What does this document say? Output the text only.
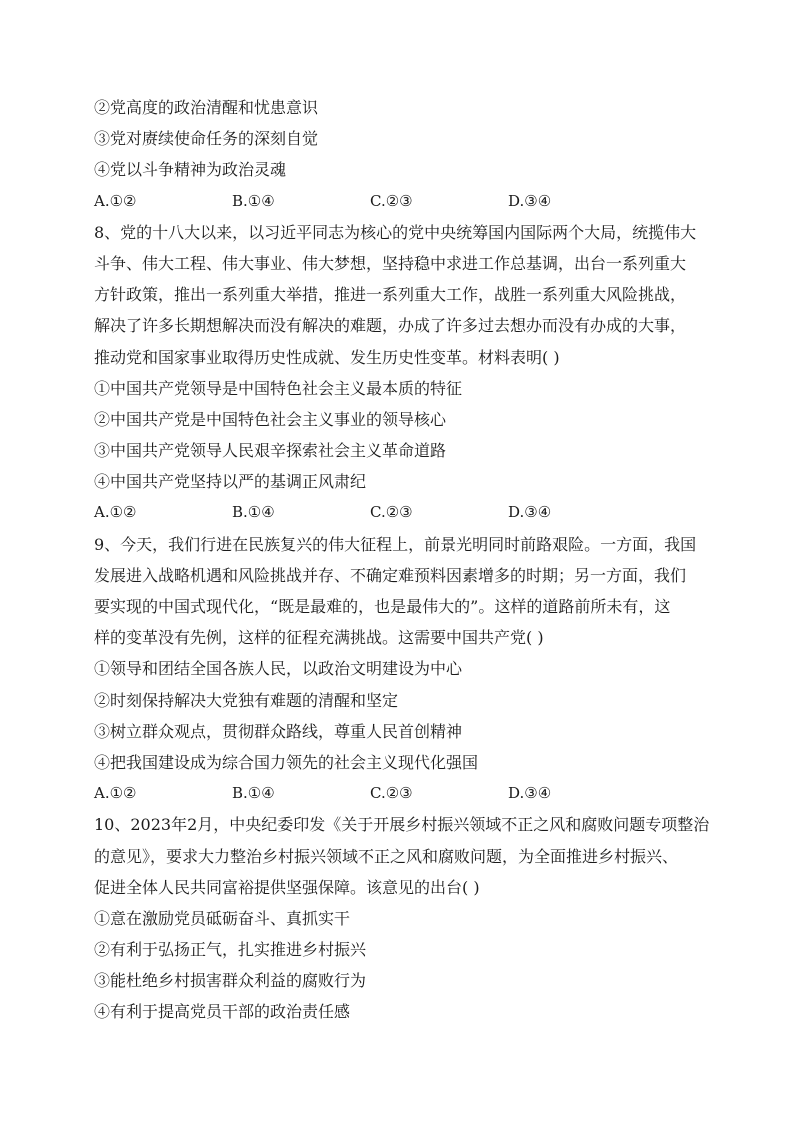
②党高度的政治清醒和忧患意识
③党对赓续使命任务的深刻自觉
④党以斗争精神为政治灵魂
A.①②	B.①④	C.②③	D.③④
8、党的十八大以来，以习近平同志为核心的党中央统筹国内国际两个大局，统揽伟大
斗争、伟大工程、伟大事业、伟大梦想，坚持稳中求进工作总基调，出台一系列重大
方针政策，推出一系列重大举措，推进一系列重大工作，战胜一系列重大风险挑战，
解决了许多长期想解决而没有解决的难题，办成了许多过去想办而没有办成的大事，
推动党和国家事业取得历史性成就、发生历史性变革。材料表明( )
①中国共产党领导是中国特色社会主义最本质的特征
②中国共产党是中国特色社会主义事业的领导核心
③中国共产党领导人民艰辛探索社会主义革命道路
④中国共产党坚持以严的基调正风肃纪
A.①②	B.①④	C.②③	D.③④
9、今天，我们行进在民族复兴的伟大征程上，前景光明同时前路艰险。一方面，我国
发展进入战略机遇和风险挑战并存、不确定难预料因素增多的时期；另一方面，我们
要实现的中国式现代化，“既是最难的，也是最伟大的”。这样的道路前所未有，这
样的变革没有先例，这样的征程充满挑战。这需要中国共产党( )
①领导和团结全国各族人民，以政治文明建设为中心
②时刻保持解决大党独有难题的清醒和坚定
③树立群众观点，贯彻群众路线，尊重人民首创精神
④把我国建设成为综合国力领先的社会主义现代化强国
A.①②	B.①④	C.②③	D.③④
10、2023年2月，中央纪委印发《关于开展乡村振兴领域不正之风和腐败问题专项整治
的意见》，要求大力整治乡村振兴领域不正之风和腐败问题，为全面推进乡村振兴、
促进全体人民共同富裕提供坚强保障。该意见的出台( )
①意在激励党员砥砺奋斗、真抓实干
②有利于弘扬正气，扎实推进乡村振兴
③能杜绝乡村损害群众利益的腐败行为
④有利于提高党员干部的政治责任感
